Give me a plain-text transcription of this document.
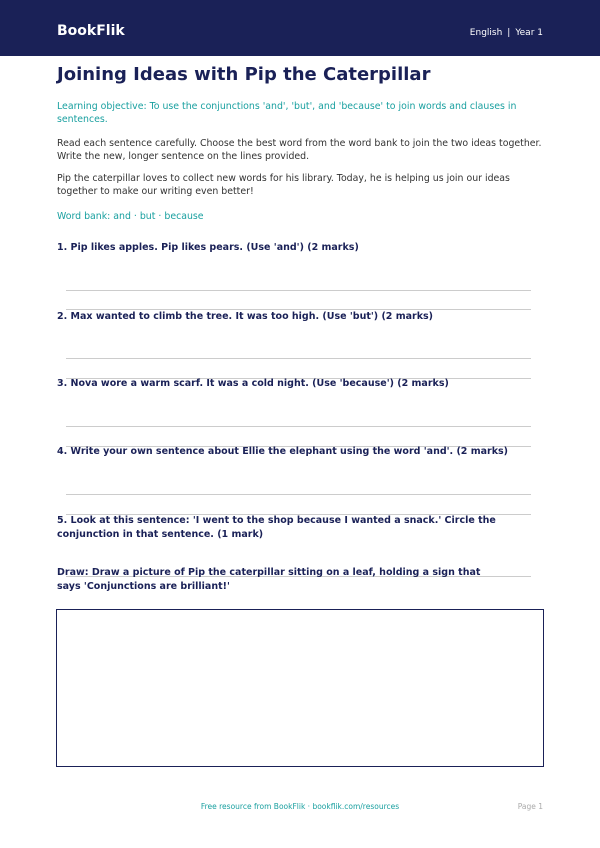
BookFlik	English | Year 1
Joining Ideas with Pip the Caterpillar

Learning objective: To use the conjunctions 'and', 'but', and 'because' to join words and clauses in sentences.

Read each sentence carefully. Choose the best word from the word bank to join the two ideas together. Write the new, longer sentence on the lines provided.

Pip the caterpillar loves to collect new words for his library. Today, he is helping us join our ideas together to make our writing even better!

Word bank: and · but · because

1. Pip likes apples. Pip likes pears. (Use 'and') (2 marks)

2. Max wanted to climb the tree. It was too high. (Use 'but') (2 marks)

3. Nova wore a warm scarf. It was a cold night. (Use 'because') (2 marks)

4. Write your own sentence about Ellie the elephant using the word 'and'. (2 marks)

5. Look at this sentence: 'I went to the shop because I wanted a snack.' Circle the conjunction in that sentence. (1 mark)

Draw: Draw a picture of Pip the caterpillar sitting on a leaf, holding a sign that says 'Conjunctions are brilliant!'

Free resource from BookFlik · bookflik.com/resources	Page 1
